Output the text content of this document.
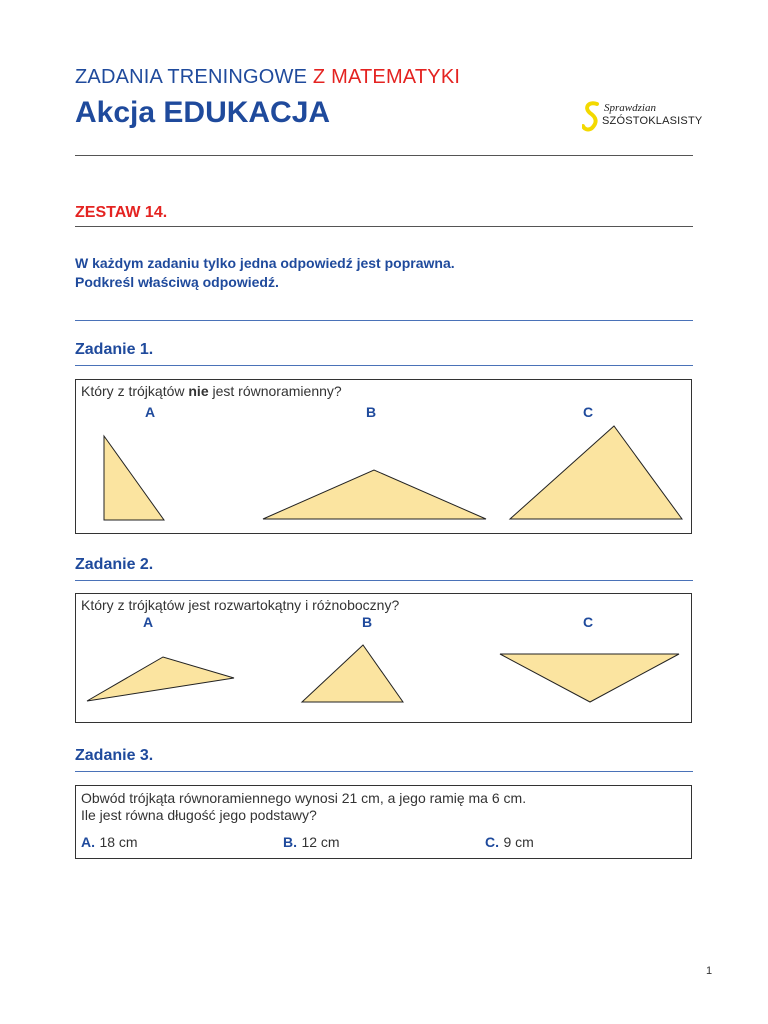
ZADANIA TRENINGOWE Z MATEMATYKI
Akcja EDUKACJA	Sprawdzian
SZÓSTOKLASISTY
ZESTAW 14.
W każdym zadaniu tylko jedna odpowiedź jest poprawna.
Podkreśl właściwą odpowiedź.
Zadanie 1.
Który z trójkątów nie jest równoramienny?
A	B	C
Zadanie 2.
Który z trójkątów jest rozwartokątny i różnoboczny?
A	B	C
Zadanie 3.
Obwód trójkąta równoramiennego wynosi 21 cm, a jego ramię ma 6 cm.
Ile jest równa długość jego podstawy?
A. 18 cm	B. 12 cm	C. 9 cm
1
